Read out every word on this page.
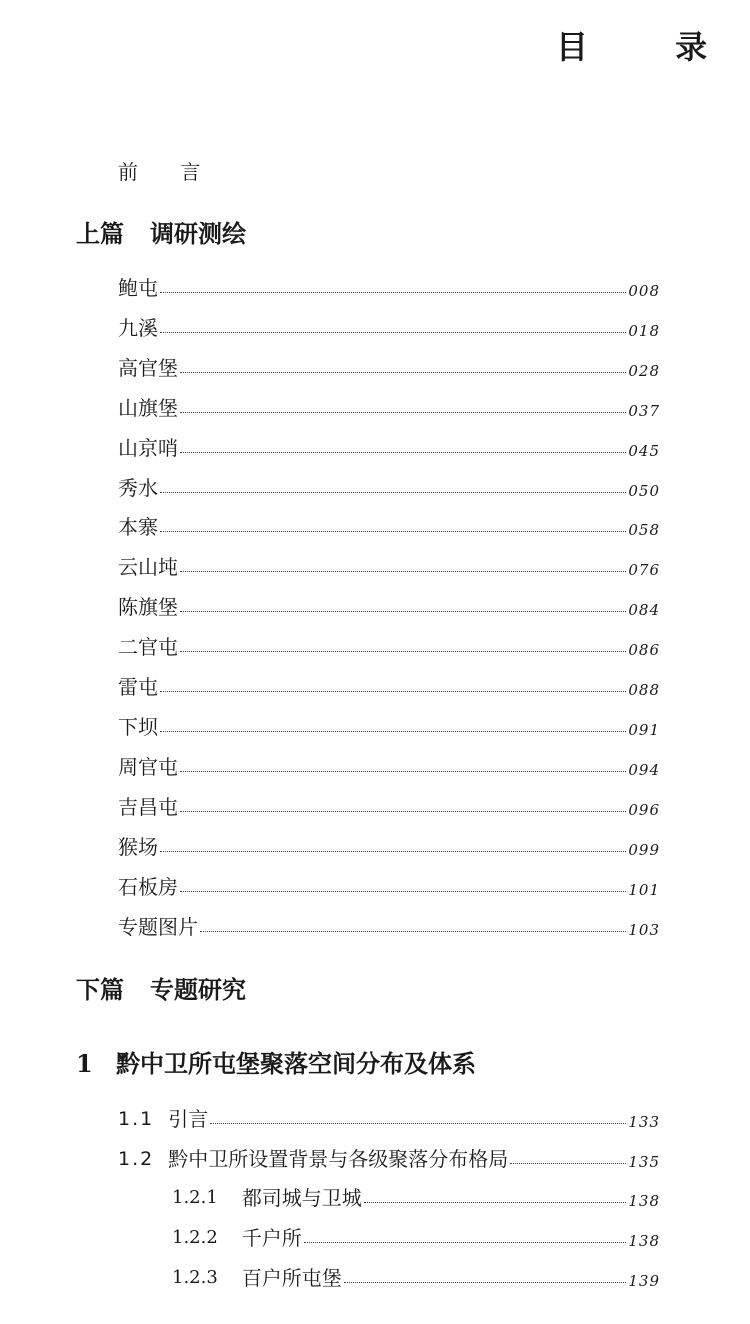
目 录
前 言
上篇 调研测绘
鲍屯	008
九溪	018
高官堡	028
山旗堡	037
山京哨	045
秀水	050
本寨	058
云山坉	076
陈旗堡	084
二官屯	086
雷屯	088
下坝	091
周官屯	094
吉昌屯	096
猴场	099
石板房	101
专题图片	103
下篇 专题研究
1 黔中卫所屯堡聚落空间分布及体系
1.1 引言	133
1.2 黔中卫所设置背景与各级聚落分布格局	135
1.2.1 都司城与卫城	138
1.2.2 千户所	138
1.2.3 百户所屯堡	139
